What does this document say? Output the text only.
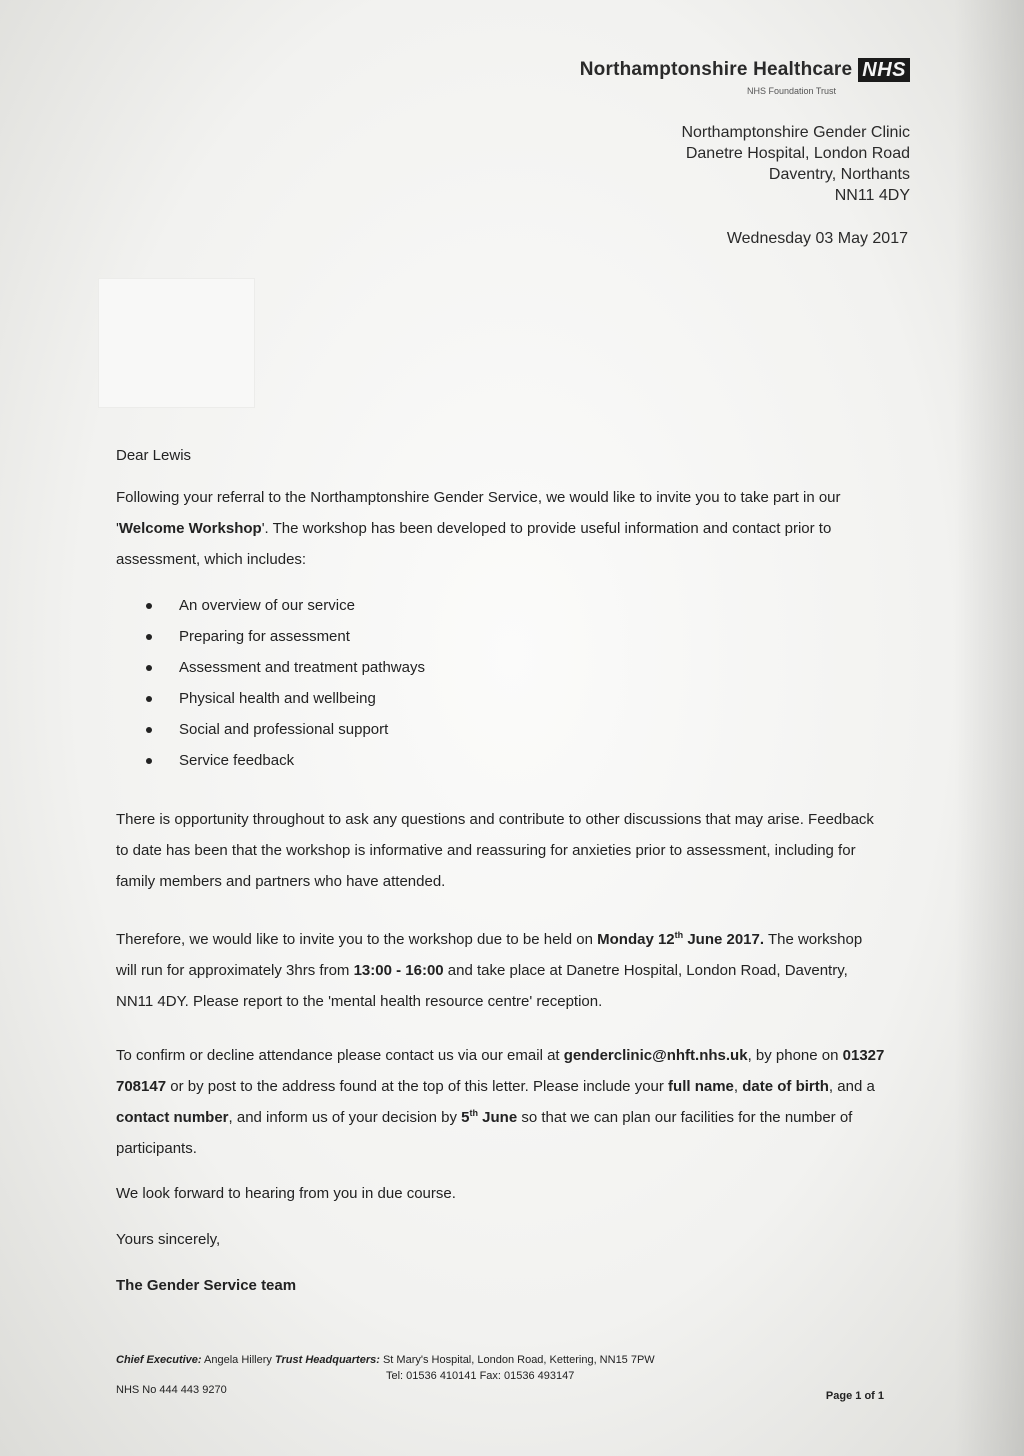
Northamptonshire Healthcare NHS
NHS Foundation Trust
Northamptonshire Gender Clinic
Danetre Hospital, London Road
Daventry, Northants
NN11 4DY
Wednesday 03 May 2017
Dear Lewis
Following your referral to the Northamptonshire Gender Service, we would like to invite you to take part in our 'Welcome Workshop'. The workshop has been developed to provide useful information and contact prior to assessment, which includes:
An overview of our service
Preparing for assessment
Assessment and treatment pathways
Physical health and wellbeing
Social and professional support
Service feedback
There is opportunity throughout to ask any questions and contribute to other discussions that may arise. Feedback to date has been that the workshop is informative and reassuring for anxieties prior to assessment, including for family members and partners who have attended.
Therefore, we would like to invite you to the workshop due to be held on Monday 12th June 2017. The workshop will run for approximately 3hrs from 13:00 - 16:00 and take place at Danetre Hospital, London Road, Daventry, NN11 4DY. Please report to the 'mental health resource centre' reception.
To confirm or decline attendance please contact us via our email at genderclinic@nhft.nhs.uk, by phone on 01327 708147 or by post to the address found at the top of this letter. Please include your full name, date of birth, and a contact number, and inform us of your decision by 5th June so that we can plan our facilities for the number of participants.
We look forward to hearing from you in due course.
Yours sincerely,
The Gender Service team
Chief Executive: Angela Hillery Trust Headquarters: St Mary's Hospital, London Road, Kettering, NN15 7PW
Tel: 01536 410141 Fax: 01536 493147
NHS No 444 443 9270	Page 1 of 1
